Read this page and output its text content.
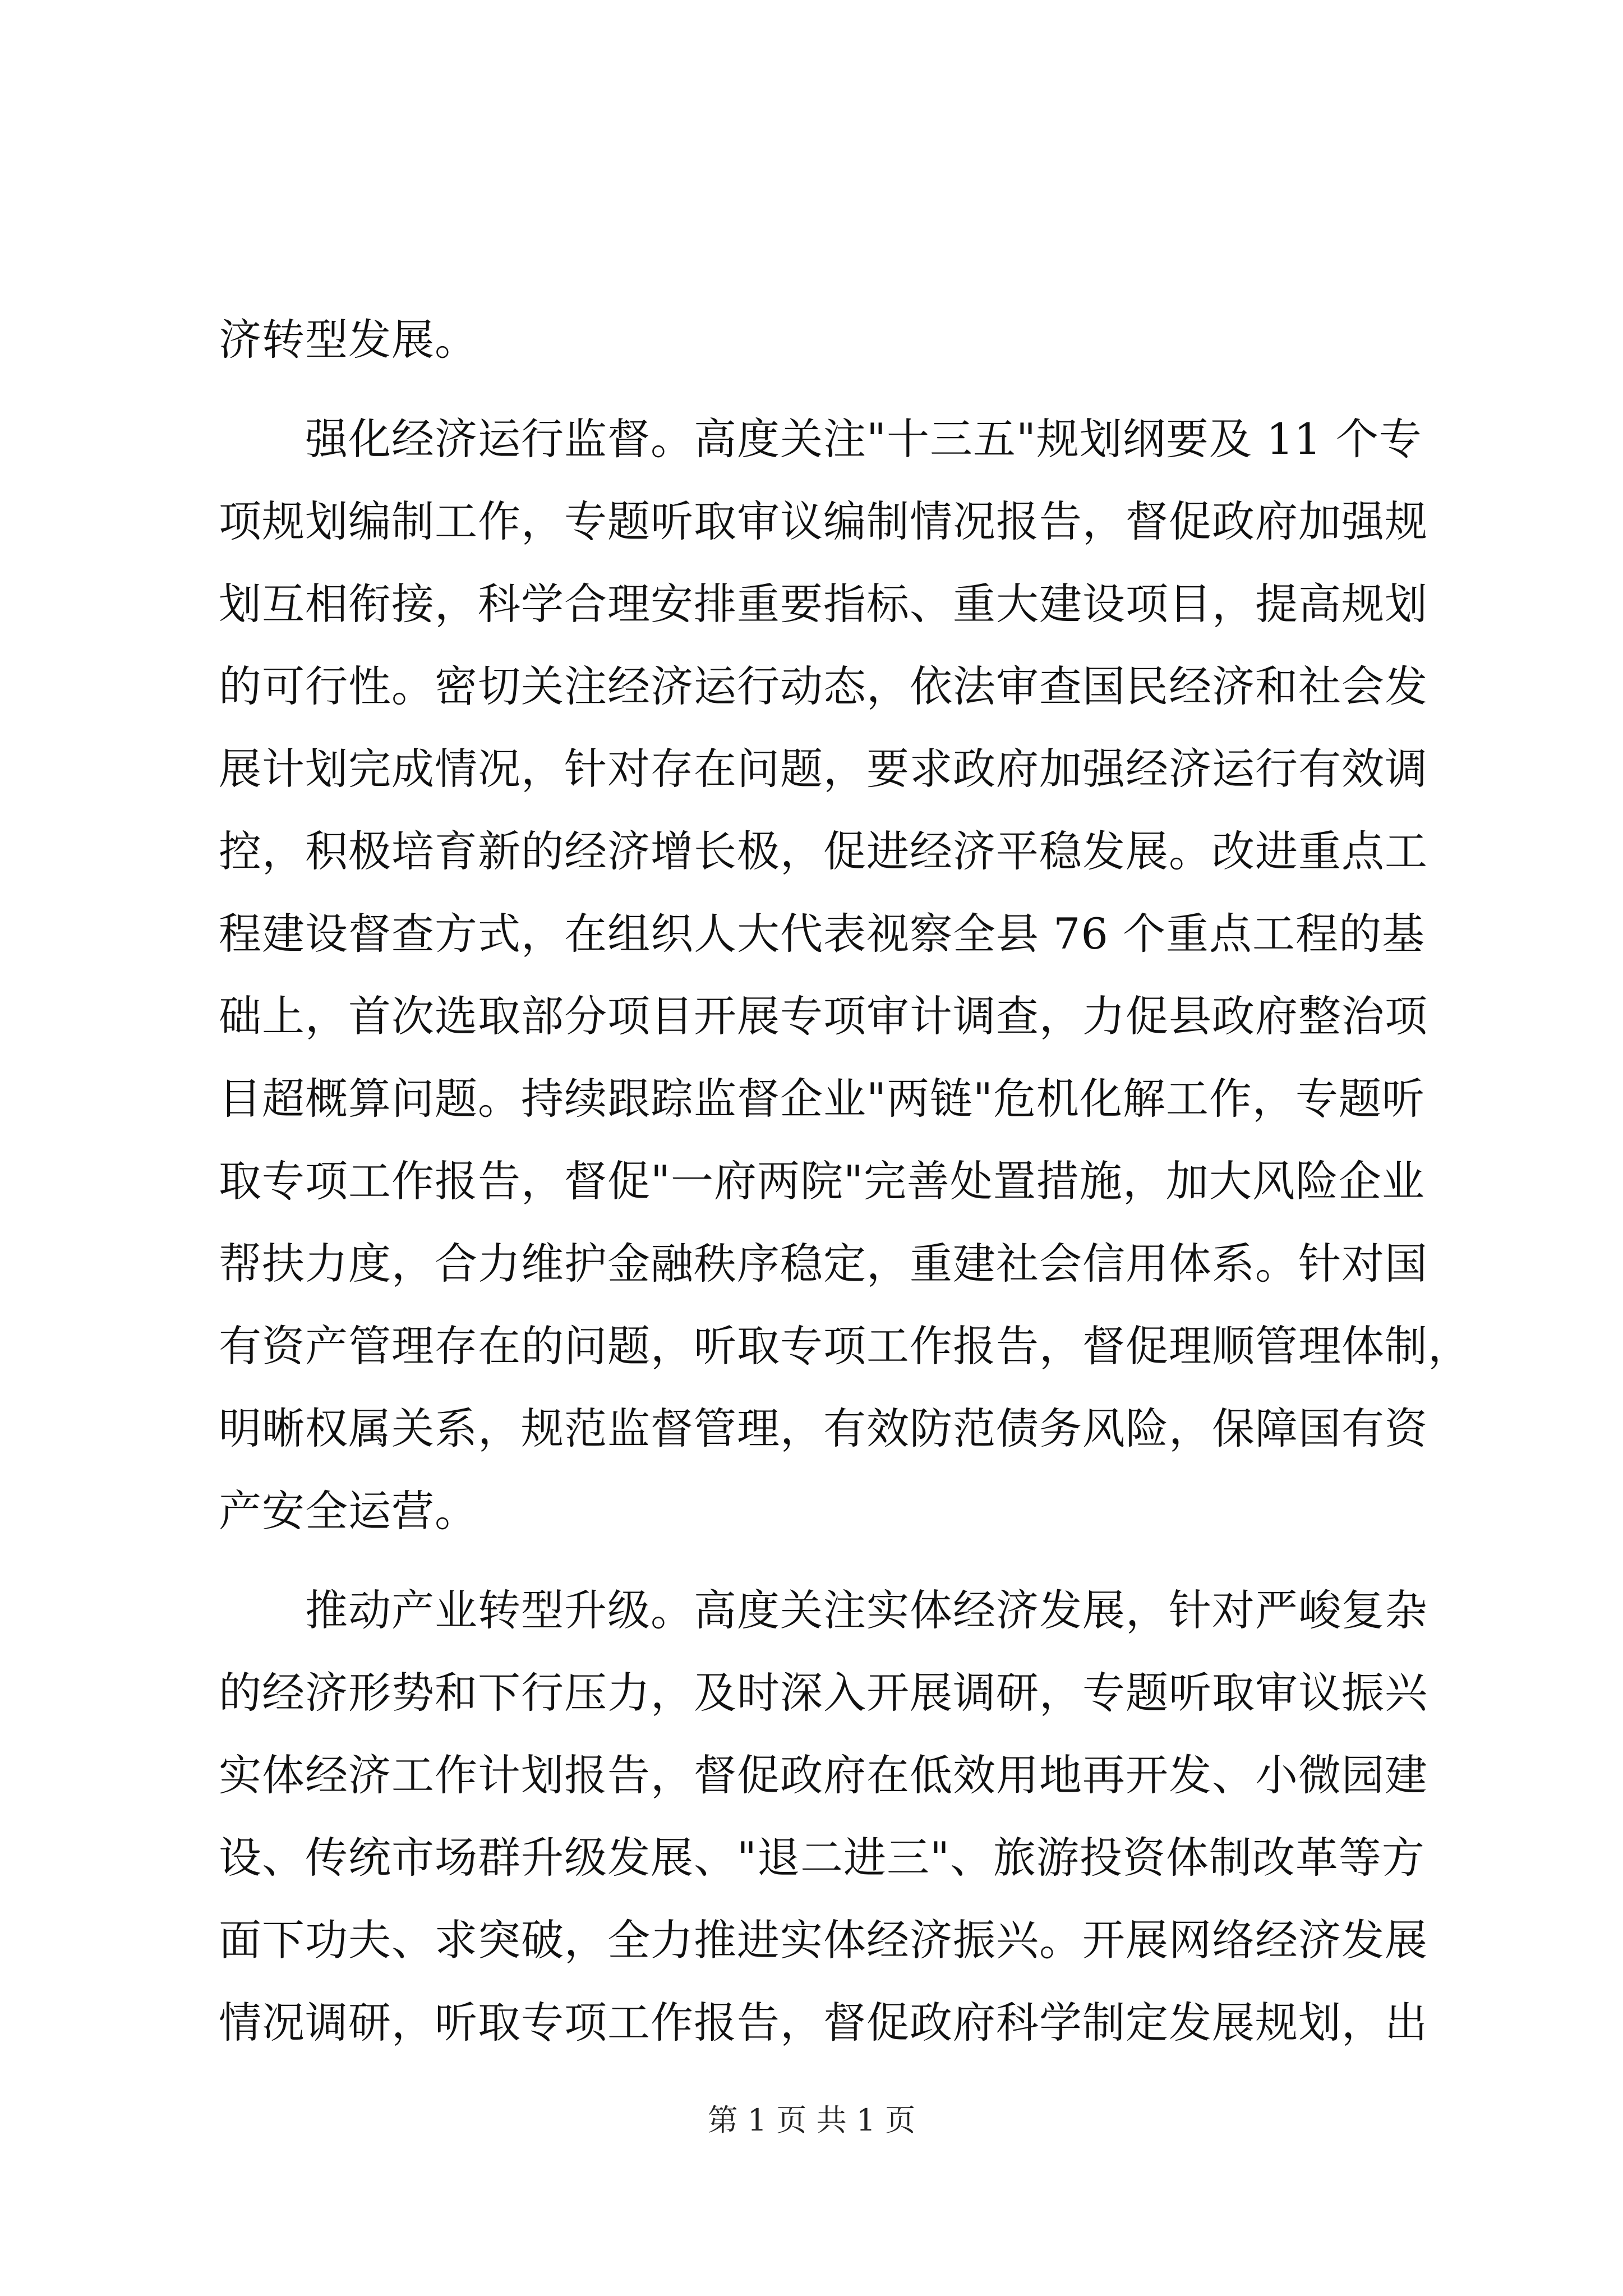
济转型发展。
　　强化经济运行监督。高度关注"十三五"规划纲要及 11 个专
项规划编制工作，专题听取审议编制情况报告，督促政府加强规
划互相衔接，科学合理安排重要指标、重大建设项目，提高规划
的可行性。密切关注经济运行动态，依法审查国民经济和社会发
展计划完成情况，针对存在问题，要求政府加强经济运行有效调
控，积极培育新的经济增长极，促进经济平稳发展。改进重点工
程建设督查方式，在组织人大代表视察全县 76 个重点工程的基
础上，首次选取部分项目开展专项审计调查，力促县政府整治项
目超概算问题。持续跟踪监督企业"两链"危机化解工作，专题听
取专项工作报告，督促"一府两院"完善处置措施，加大风险企业
帮扶力度，合力维护金融秩序稳定，重建社会信用体系。针对国
有资产管理存在的问题，听取专项工作报告，督促理顺管理体制，
明晰权属关系，规范监督管理，有效防范债务风险，保障国有资
产安全运营。
　　推动产业转型升级。高度关注实体经济发展，针对严峻复杂
的经济形势和下行压力，及时深入开展调研，专题听取审议振兴
实体经济工作计划报告，督促政府在低效用地再开发、小微园建
设、传统市场群升级发展、"退二进三"、旅游投资体制改革等方
面下功夫、求突破，全力推进实体经济振兴。开展网络经济发展
情况调研，听取专项工作报告，督促政府科学制定发展规划，出
第 1 页 共 1 页
